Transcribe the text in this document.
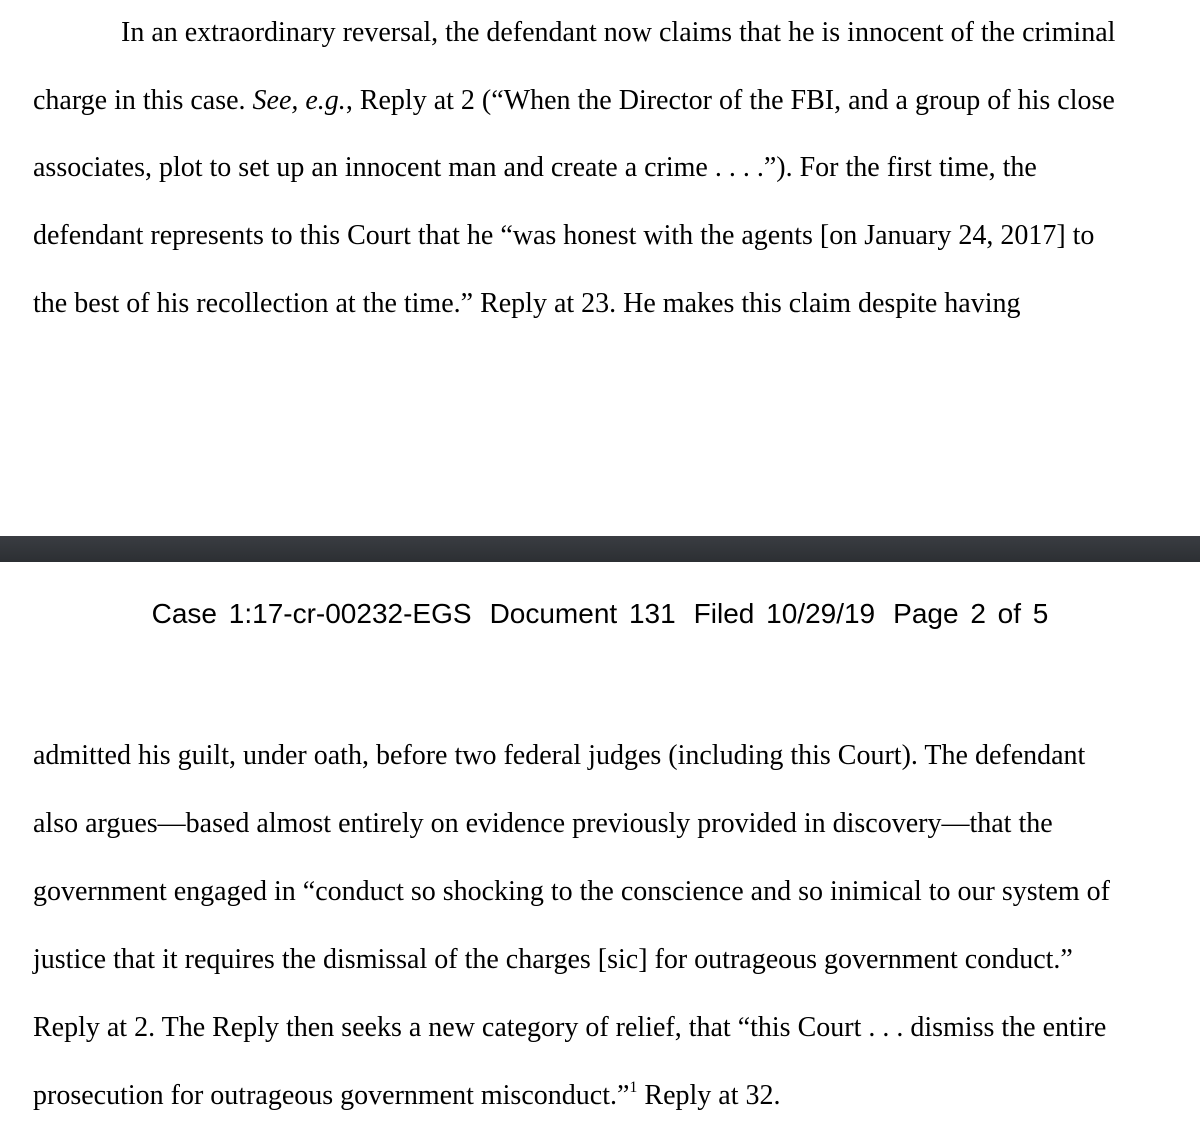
In an extraordinary reversal, the defendant now claims that he is innocent of the criminal
charge in this case. See, e.g., Reply at 2 (“When the Director of the FBI, and a group of his close
associates, plot to set up an innocent man and create a crime . . . .”). For the first time, the
defendant represents to this Court that he “was honest with the agents [on January 24, 2017] to
the best of his recollection at the time.” Reply at 23. He makes this claim despite having
Case 1:17-cr-00232-EGS Document 131 Filed 10/29/19 Page 2 of 5
admitted his guilt, under oath, before two federal judges (including this Court). The defendant
also argues—based almost entirely on evidence previously provided in discovery—that the
government engaged in “conduct so shocking to the conscience and so inimical to our system of
justice that it requires the dismissal of the charges [sic] for outrageous government conduct.”
Reply at 2. The Reply then seeks a new category of relief, that “this Court . . . dismiss the entire
prosecution for outrageous government misconduct.”$^1$ Reply at 32.
